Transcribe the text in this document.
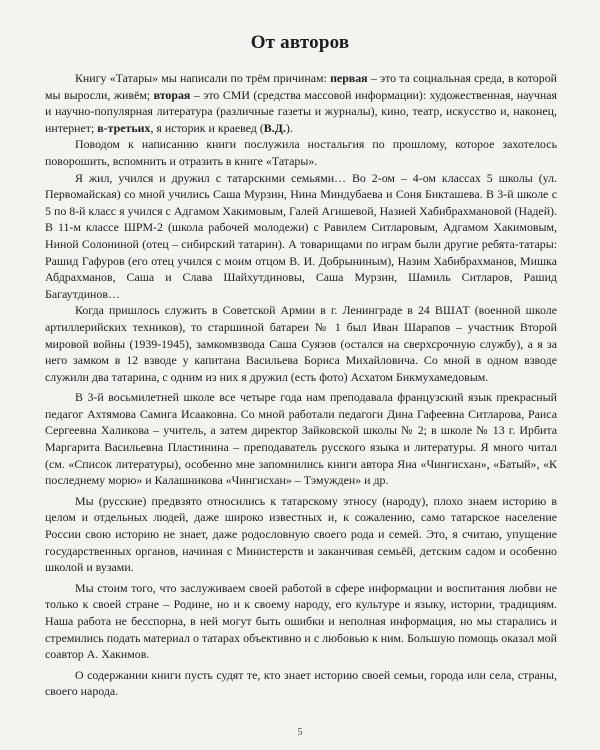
От авторов

Книгу «Татары» мы написали по трём причинам: первая – это та социальная среда, в которой мы выросли, живём; вторая – это СМИ (средства массовой информации): художественная, научная и научно-популярная литература (различные газеты и журналы), кино, театр, искусство и, наконец, интернет; в-третьих, я историк и краевед (В.Д.).

Поводом к написанию книги послужила ностальгия по прошлому, которое захотелось поворошить, вспомнить и отразить в книге «Татары».

Я жил, учился и дружил с татарскими семьями… Во 2-ом – 4-ом классах 5 школы (ул. Первомайская) со мной учились Саша Мурзин, Нина Миндубаева и Соня Бикташева. В 3-й школе с 5 по 8-й класс я учился с Адгамом Хакимовым, Галей Агишевой, Назией Хабибрахмановой (Надей). В 11-м классе ШРМ-2 (школа рабочей молодежи) с Равилем Ситларовым, Адгамом Хакимовым, Ниной Солониной (отец – сибирский татарин). А товарищами по играм были другие ребята-татары: Рашид Гафуров (его отец учился с моим отцом В. И. Добрыниным), Назим Хабибрахманов, Мишка Абдрахманов, Саша и Слава Шайхутдиновы, Саша Мурзин, Шамиль Ситларов, Рашид Багаутдинов…

Когда пришлось служить в Советской Армии в г. Ленинграде в 24 ВШАТ (военной школе артиллерийских техников), то старшиной батареи № 1 был Иван Шарапов – участник Второй мировой войны (1939-1945), замкомвзвода Саша Суязов (остался на сверхсрочную службу), а я за него замком в 12 взводе у капитана Васильева Бориса Михайловича. Со мной в одном взводе служили два татарина, с одним из них я дружил (есть фото) Асхатом Бикмухамедовым.

В 3-й восьмилетней школе все четыре года нам преподавала французский язык прекрасный педагог Ахтямова Самига Исааковна. Со мной работали педагоги Дина Гафеевна Ситларова, Раиса Сергеевна Халикова – учитель, а затем директор Зайковской школы № 2; в школе № 13 г. Ирбита Маргарита Васильевна Пластинина – преподаватель русского языка и литературы. Я много читал (см. «Список литературы), особенно мне запомнились книги автора Яна «Чингисхан», «Батый», «К последнему морю» и Калашникова «Чингисхан» – Тэмужден» и др.

Мы (русские) предвзято относились к татарскому этносу (народу), плохо знаем историю в целом и отдельных людей, даже широко известных и, к сожалению, само татарское население России свою историю не знает, даже родословную своего рода и семей. Это, я считаю, упущение государственных органов, начиная с Министерств и заканчивая семьёй, детским садом и особенно школой и вузами.

Мы стоим того, что заслуживаем своей работой в сфере информации и воспитания любви не только к своей стране – Родине, но и к своему народу, его культуре и языку, истории, традициям. Наша работа не бесспорна, в ней могут быть ошибки и неполная информация, но мы старались и стремились подать материал о татарах объективно и с любовью к ним. Большую помощь оказал мой соавтор А. Хакимов.

О содержании книги пусть судят те, кто знает историю своей семьи, города или села, страны, своего народа.

5
